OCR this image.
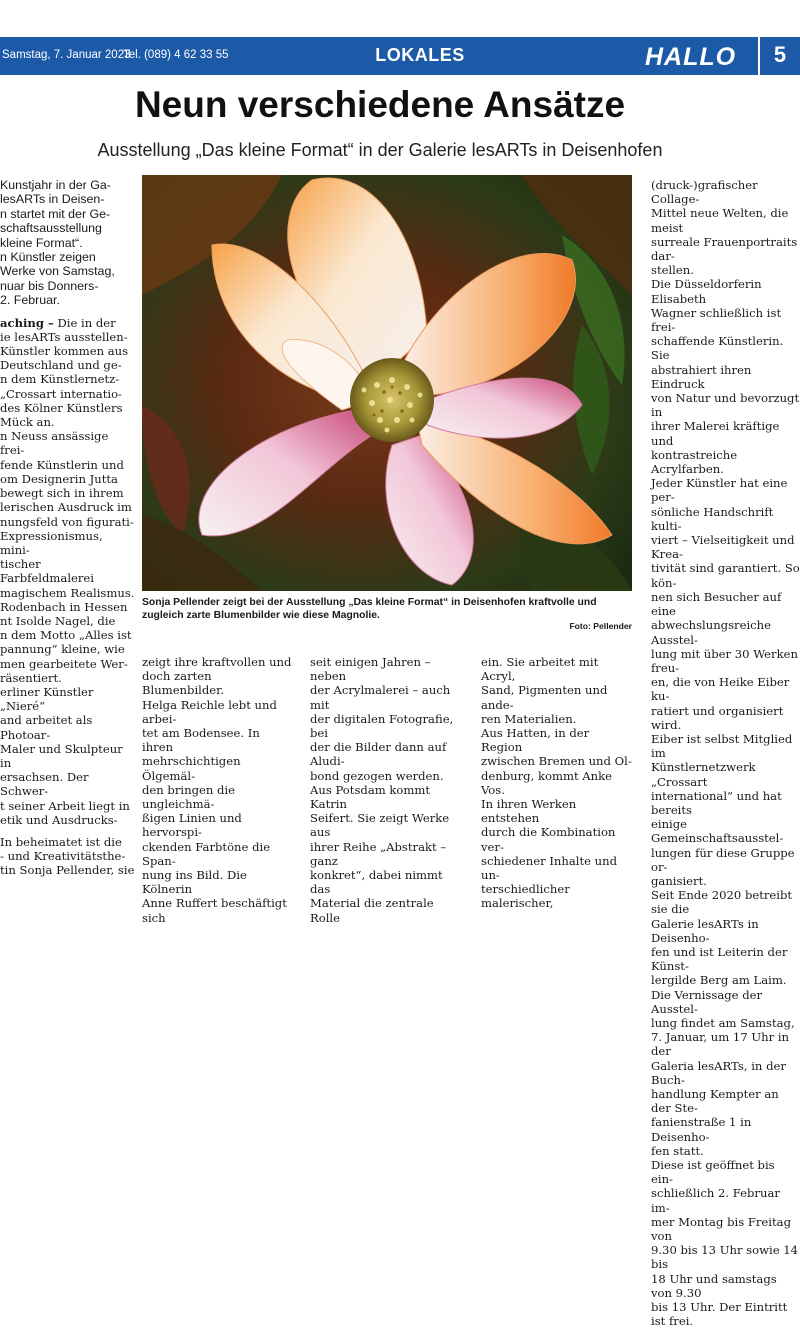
Samstag, 7. Januar 2023
Tel. (089) 4 62 33 55	LOKALES	HALLO	5
Neun verschiedene Ansätze
Ausstellung „Das kleine Format“ in der Galerie lesARTs in Deisenhofen

Kunstjahr in der Ga-
lesARTs in Deisen-
n startet mit der Ge-
schaftsausstellung
kleine Format“.
n Künstler zeigen
Werke von Samstag,
nuar bis Donners-
2. Februar.

aching – Die in der
ie lesARTs ausstellen-
Künstler kommen aus
Deutschland und ge-
n dem Künstlernetz-
„Crossart internatio-
des Kölner Künstlers
Mück an.

n Neuss ansässige frei-
fende Künstlerin und
om Designerin Jutta
bewegt sich in ihrem
lerischen Ausdruck im
nungsfeld von figurati-
Expressionismus, mini-
tischer Farbfeldmalerei
magischem Realismus.
Rodenbach in Hessen
nt Isolde Nagel, die
n dem Motto „Alles ist
pannung“ kleine, wie
men gearbeitete Wer-
räsentiert.

erliner Künstler „Nieré“
and arbeitet als Photoar-
Maler und Skulpteur in
ersachsen. Der Schwer-
t seiner Arbeit liegt in
etik und Ausdrucks-

In beheimatet ist die
- und Kreativitätsthe-
tin Sonja Pellender, sie

Sonja Pellender zeigt bei der Ausstellung „Das kleine Format“ in Deisenhofen kraftvolle und zugleich zarte Blumenbilder wie diese Magnolie.
Foto: Pellender

zeigt ihre kraftvollen und
doch zarten Blumenbilder.
Helga Reichle lebt und arbei-
tet am Bodensee. In ihren
mehrschichtigen Ölgemäl-
den bringen die ungleichmä-
ßigen Linien und hervorspi-
ckenden Farbtöne die Span-
nung ins Bild. Die Kölnerin
Anne Ruffert beschäftigt sich

seit einigen Jahren – neben
der Acrylmalerei – auch mit
der digitalen Fotografie, bei
der die Bilder dann auf Aludi-
bond gezogen werden.
Aus Potsdam kommt Katrin
Seifert. Sie zeigt Werke aus
ihrer Reihe „Abstrakt – ganz
konkret“, dabei nimmt das
Material die zentrale Rolle

ein. Sie arbeitet mit Acryl,
Sand, Pigmenten und ande-
ren Materialien.
Aus Hatten, in der Region
zwischen Bremen und Ol-
denburg, kommt Anke Vos.
In ihren Werken entstehen
durch die Kombination ver-
schiedener Inhalte und un-
terschiedlicher malerischer,

(druck-)grafischer Collage-
Mittel neue Welten, die meist
surreale Frauenportraits dar-
stellen.
Die Düsseldorferin Elisabeth
Wagner schließlich ist frei-
schaffende Künstlerin. Sie
abstrahiert ihren Eindruck
von Natur und bevorzugt in
ihrer Malerei kräftige und
kontrastreiche Acrylfarben.
Jeder Künstler hat eine per-
sönliche Handschrift kulti-
viert – Vielseitigkeit und Krea-
tivität sind garantiert. So kön-
nen sich Besucher auf eine
abwechslungsreiche Ausstel-
lung mit über 30 Werken freu-
en, die von Heike Eiber ku-
ratiert und organisiert wird.
Eiber ist selbst Mitglied im
Künstlernetzwerk „Crossart
international“ und hat bereits
einige Gemeinschaftsausstel-
lungen für diese Gruppe or-
ganisiert.
Seit Ende 2020 betreibt sie die
Galerie lesARTs in Deisenho-
fen und ist Leiterin der Künst-
lergilde Berg am Laim.
Die Vernissage der Ausstel-
lung findet am Samstag,
7. Januar, um 17 Uhr in der
Galeria lesARTs, in der Buch-
handlung Kempter an der Ste-
fanienstraße 1 in Deisenho-
fen statt.
Diese ist geöffnet bis ein-
schließlich 2. Februar im-
mer Montag bis Freitag von
9.30 bis 13 Uhr sowie 14 bis
18 Uhr und samstags von 9.30
bis 13 Uhr. Der Eintritt ist frei.
